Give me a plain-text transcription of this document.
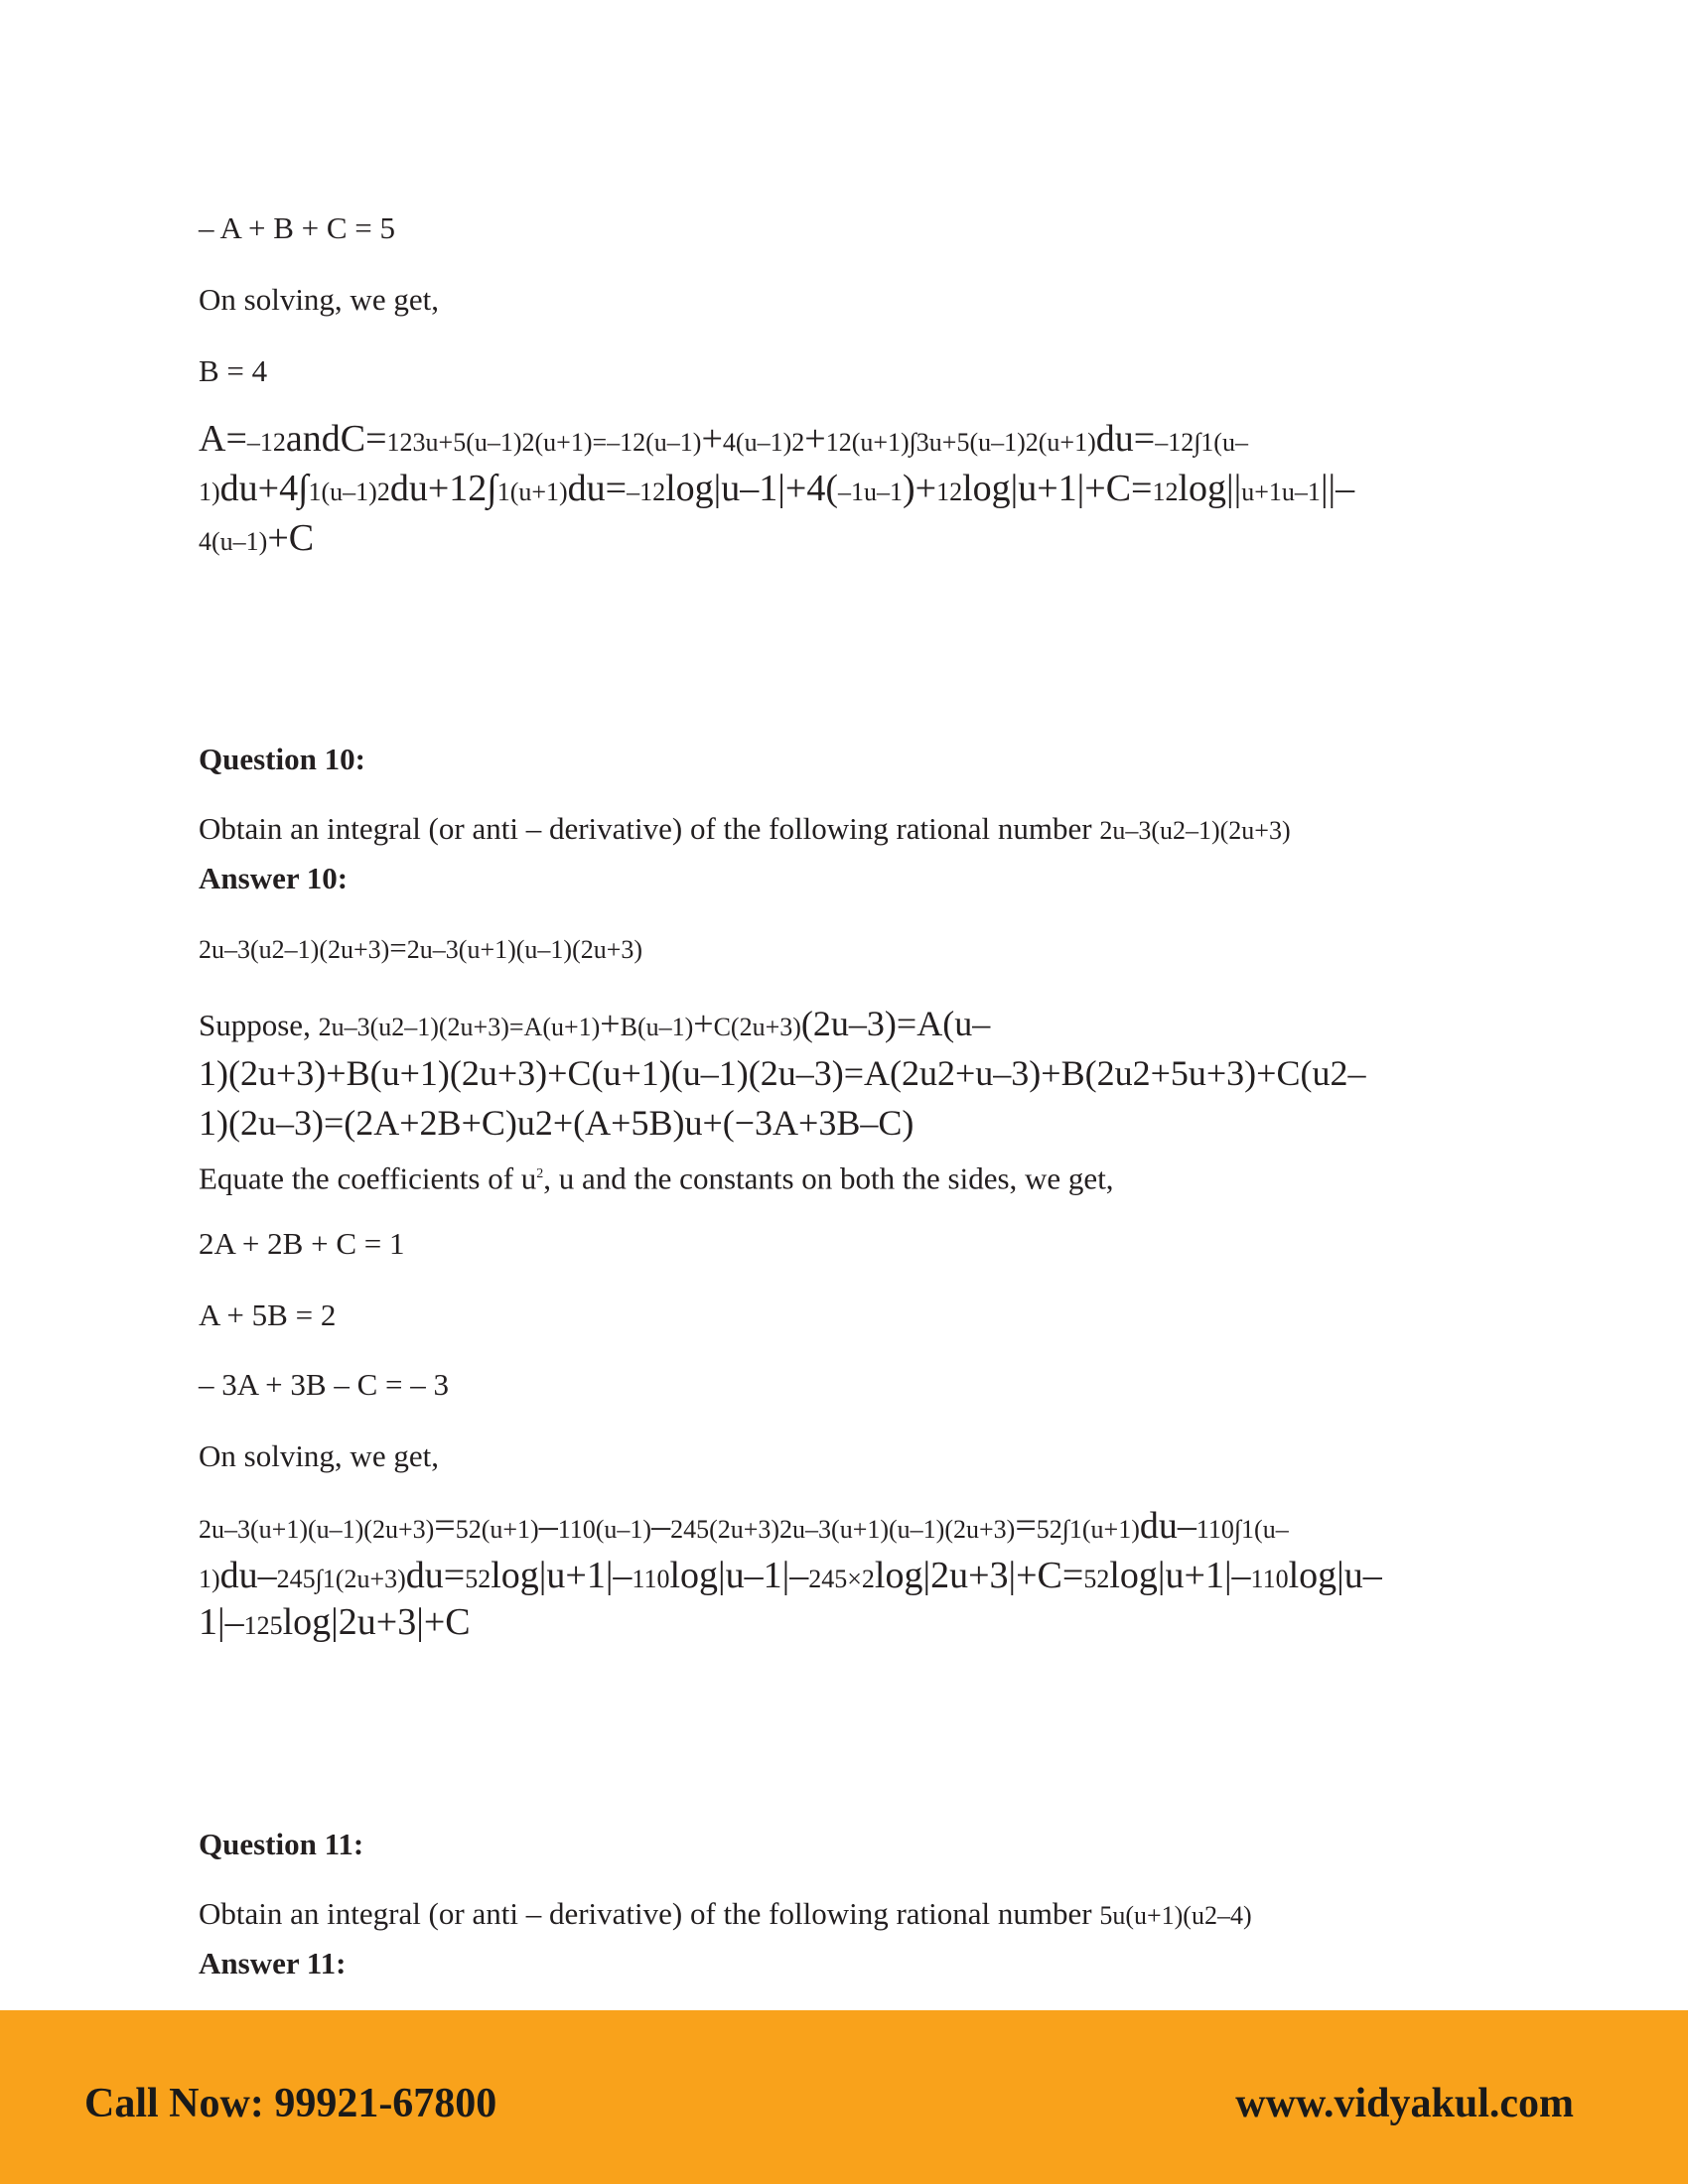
– A + B + C = 5
On solving, we get,
B = 4
A=–12andC=123u+5(u–1)2(u+1)=–12(u–1)+4(u–1)2+12(u+1)∫3u+5(u–1)2(u+1)du=–12∫1(u–
1)du+4∫1(u–1)2du+12∫1(u+1)du=–12log|u–1|+4(–1u–1)+12log|u+1|+C=12log||u+1u–1||–
4(u–1)+C
Question 10:
Obtain an integral (or anti – derivative) of the following rational number 2u–3(u2–1)(2u+3)
Answer 10:
2u–3(u2–1)(2u+3)=2u–3(u+1)(u–1)(2u+3)
Suppose, 2u–3(u2–1)(2u+3)=A(u+1)+B(u–1)+C(2u+3)(2u–3)=A(u–
1)(2u+3)+B(u+1)(2u+3)+C(u+1)(u–1)(2u–3)=A(2u2+u–3)+B(2u2+5u+3)+C(u2–
1)(2u–3)=(2A+2B+C)u2+(A+5B)u+(−3A+3B–C)
Equate the coefficients of $u^2$, u and the constants on both the sides, we get,
2A + 2B + C = 1
A + 5B = 2
– 3A + 3B – C = – 3
On solving, we get,
2u–3(u+1)(u–1)(2u+3)=52(u+1)–110(u–1)–245(2u+3)2u–3(u+1)(u–1)(2u+3)=52∫1(u+1)du–110∫1(u–
1)du–245∫1(2u+3)du=52log|u+1|–110log|u–1|–245×2log|2u+3|+C=52log|u+1|–110log|u–
1|–125log|2u+3|+C
Question 11:
Obtain an integral (or anti – derivative) of the following rational number 5u(u+1)(u2–4)
Answer 11:
Call Now: 99921-67800	www.vidyakul.com
